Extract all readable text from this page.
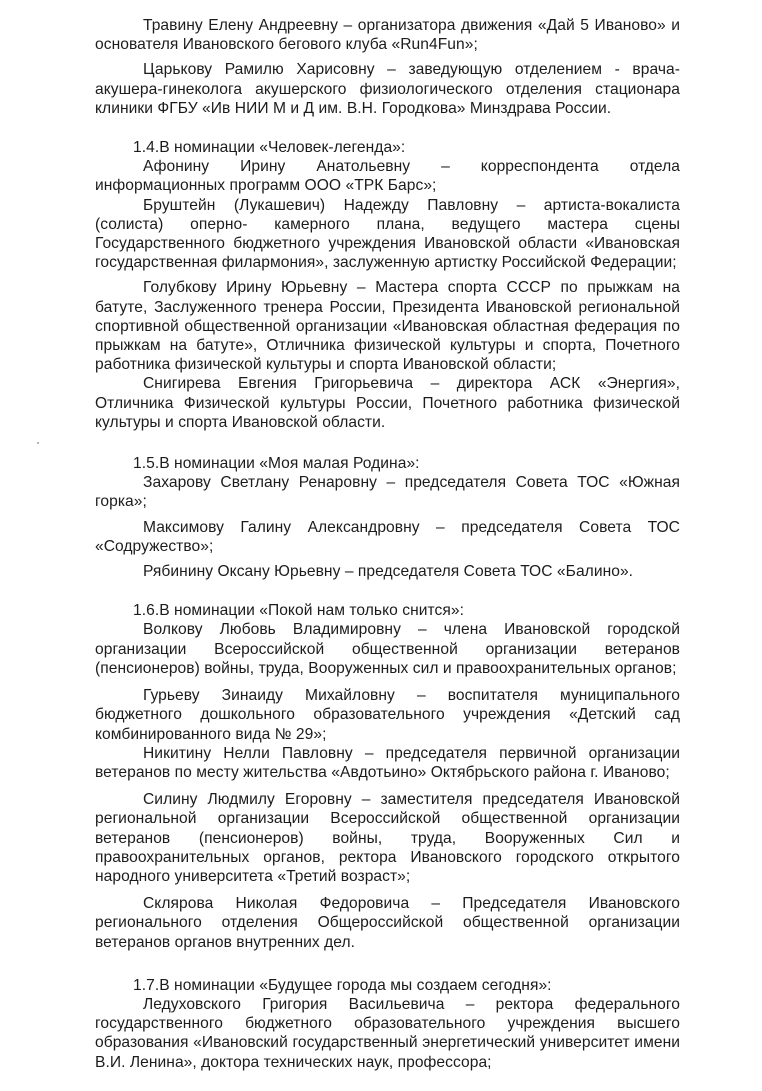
Травину Елену Андреевну – организатора движения «Дай 5 Иваново» и основателя Ивановского бегового клуба «Run4Fun»;

Царькову Рамилю Харисовну – заведующую отделением - врача-акушера-гинеколога акушерского физиологического отделения стационара клиники ФГБУ «Ив НИИ М и Д им. В.Н. Городкова» Минздрава России.

1.4.В номинации «Человек-легенда»:

Афонину Ирину Анатольевну – корреспондента отдела информационных программ ООО «ТРК Барс»;

Бруштейн (Лукашевич) Надежду Павловну – артиста-вокалиста (солиста) оперно- камерного плана, ведущего мастера сцены Государственного бюджетного учреждения Ивановской области «Ивановская государственная филармония», заслуженную артистку Российской Федерации;

Голубкову Ирину Юрьевну – Мастера спорта СССР по прыжкам на батуте, Заслуженного тренера России, Президента Ивановской региональной спортивной общественной организации «Ивановская областная федерация по прыжкам на батуте», Отличника физической культуры и спорта, Почетного работника физической культуры и спорта Ивановской области;

Снигирева Евгения Григорьевича – директора АСК «Энергия», Отличника Физической культуры России, Почетного работника физической культуры и спорта Ивановской области.

1.5.В номинации «Моя малая Родина»:

Захарову Светлану Ренаровну – председателя Совета ТОС «Южная горка»;

Максимову Галину Александровну – председателя Совета ТОС «Содружество»;

Рябинину Оксану Юрьевну – председателя Совета ТОС «Балино».

1.6.В номинации «Покой нам только снится»:

Волкову Любовь Владимировну – члена Ивановской городской организации Всероссийской общественной организации ветеранов (пенсионеров) войны, труда, Вооруженных сил и правоохранительных органов;

Гурьеву Зинаиду Михайловну – воспитателя муниципального бюджетного дошкольного образовательного учреждения «Детский сад комбинированного вида № 29»;

Никитину Нелли Павловну – председателя первичной организации ветеранов по месту жительства «Авдотьино» Октябрьского района г. Иваново;

Силину Людмилу Егоровну – заместителя председателя Ивановской региональной организации Всероссийской общественной организации ветеранов (пенсионеров) войны, труда, Вооруженных Сил и правоохранительных органов, ректора Ивановского городского открытого народного университета «Третий возраст»;

Склярова Николая Федоровича – Председателя Ивановского регионального отделения Общероссийской общественной организации ветеранов органов внутренних дел.

1.7.В номинации «Будущее города мы создаем сегодня»:

Ледуховского Григория Васильевича – ректора федерального государственного бюджетного образовательного учреждения высшего образования «Ивановский государственный энергетический университет имени В.И. Ленина», доктора технических наук, профессора;
